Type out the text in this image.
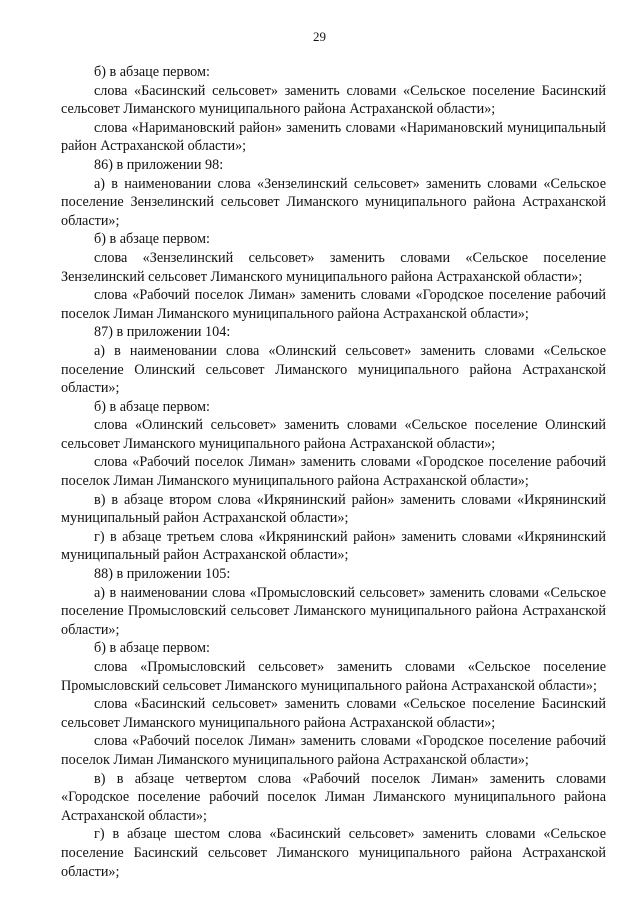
29

б) в абзаце первом:

слова «Басинский сельсовет» заменить словами «Сельское поселение Басинский сельсовет Лиманского муниципального района Астраханской области»;

слова «Наримановский район» заменить словами «Наримановский муниципальный район Астраханской области»;

86) в приложении 98:

а) в наименовании слова «Зензелинский сельсовет» заменить словами «Сельское поселение Зензелинский сельсовет Лиманского муниципального района Астраханской области»;

б) в абзаце первом:

слова «Зензелинский сельсовет» заменить словами «Сельское поселение Зензелинский сельсовет Лиманского муниципального района Астраханской области»;

слова «Рабочий поселок Лиман» заменить словами «Городское поселение рабочий поселок Лиман Лиманского муниципального района Астраханской области»;

87) в приложении 104:

а) в наименовании слова «Олинский сельсовет» заменить словами «Сельское поселение Олинский сельсовет Лиманского муниципального района Астраханской области»;

б) в абзаце первом:

слова «Олинский сельсовет» заменить словами «Сельское поселение Олинский сельсовет Лиманского муниципального района Астраханской области»;

слова «Рабочий поселок Лиман» заменить словами «Городское поселение рабочий поселок Лиман Лиманского муниципального района Астраханской области»;

в) в абзаце втором слова «Икрянинский район» заменить словами «Икрянинский муниципальный район Астраханской области»;

г) в абзаце третьем слова «Икрянинский район» заменить словами «Икрянинский муниципальный район Астраханской области»;

88) в приложении 105:

а) в наименовании слова «Промысловский сельсовет» заменить словами «Сельское поселение Промысловский сельсовет Лиманского муниципального района Астраханской области»;

б) в абзаце первом:

слова «Промысловский сельсовет» заменить словами «Сельское поселение Промысловский сельсовет Лиманского муниципального района Астраханской области»;

слова «Басинский сельсовет» заменить словами «Сельское поселение Басинский сельсовет Лиманского муниципального района Астраханской области»;

слова «Рабочий поселок Лиман» заменить словами «Городское поселение рабочий поселок Лиман Лиманского муниципального района Астраханской области»;

в) в абзаце четвертом слова «Рабочий поселок Лиман» заменить словами «Городское поселение рабочий поселок Лиман Лиманского муниципального района Астраханской области»;

г) в абзаце шестом слова «Басинский сельсовет» заменить словами «Сельское поселение Басинский сельсовет Лиманского муниципального района Астраханской области»;
